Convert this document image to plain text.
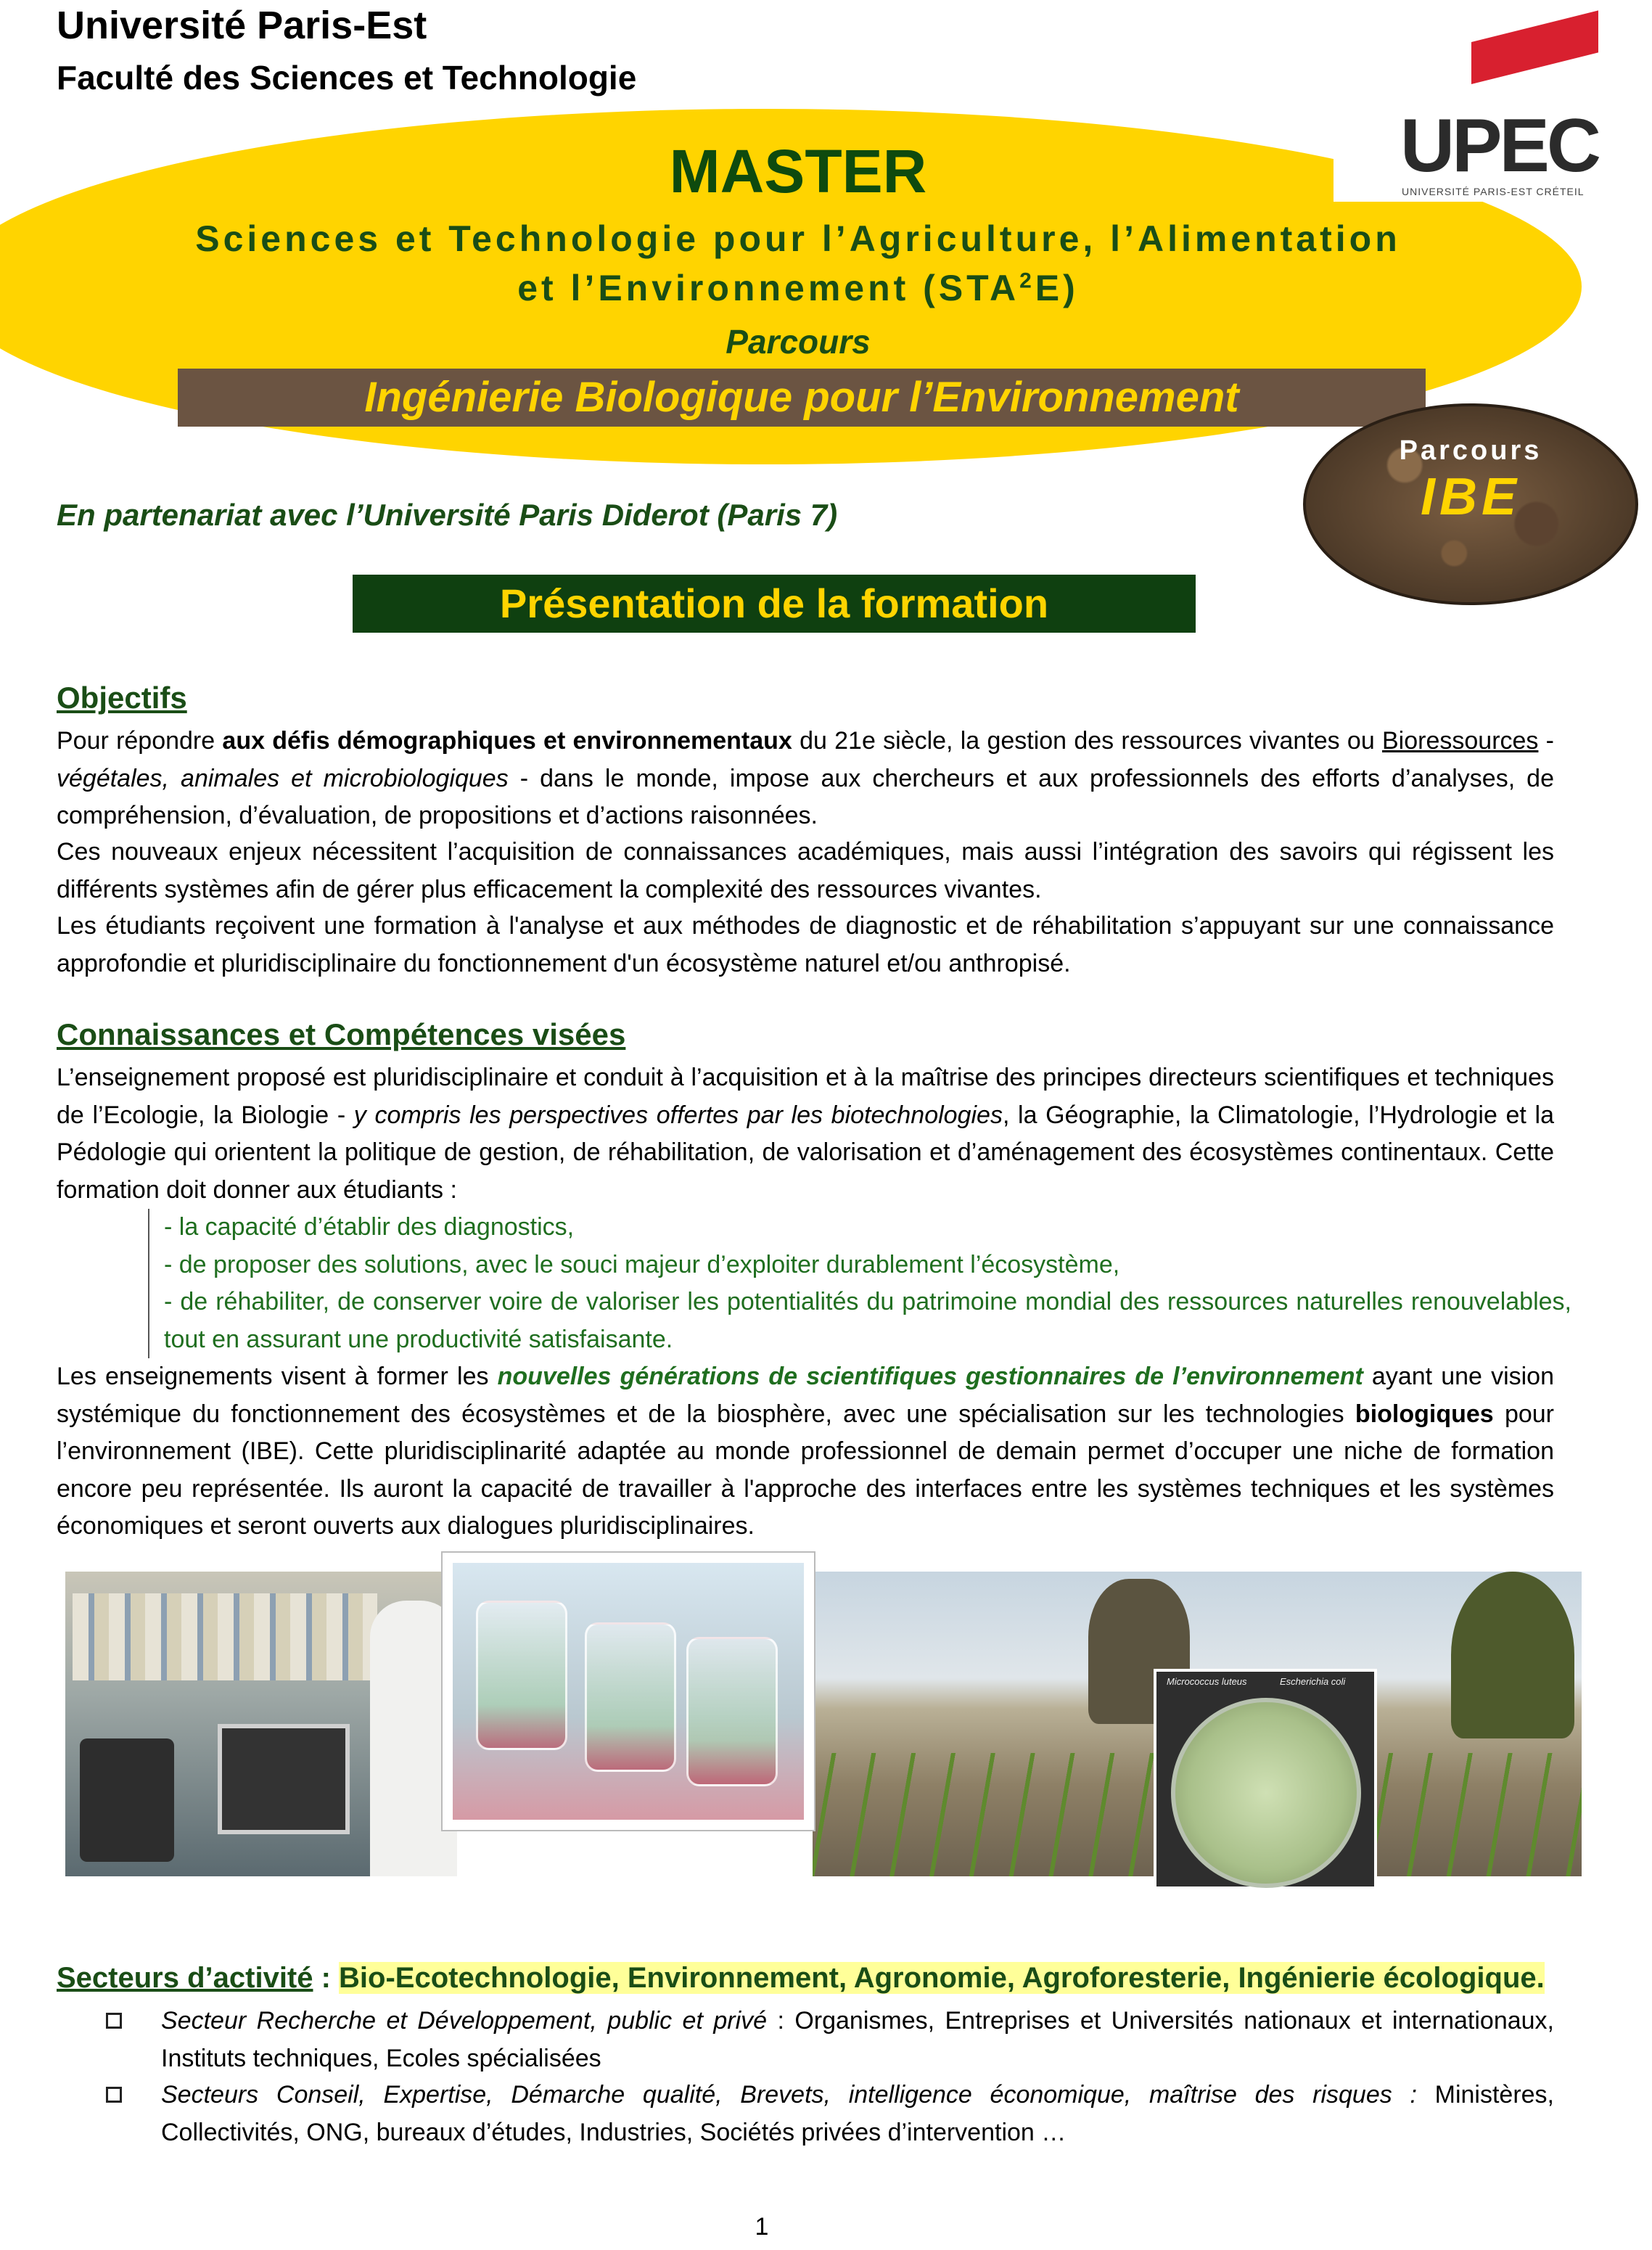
Université Paris-Est
Faculté des Sciences et Technologie
UPEC
UNIVERSITÉ PARIS-EST CRÉTEIL
MASTER
Sciences et Technologie pour l’Agriculture, l’Alimentation
et l’Environnement (STA$^2$E)
Parcours
Ingénierie Biologique pour l’Environnement
Parcours
IBE
En partenariat avec l’Université Paris Diderot (Paris 7)
Présentation de la formation
Objectifs
Pour répondre aux défis démographiques et environnementaux du 21e siècle, la gestion des ressources vivantes ou Bioressources - végétales, animales et microbiologiques - dans le monde, impose aux chercheurs et aux professionnels des efforts d’analyses, de compréhension, d’évaluation, de propositions et d’actions raisonnées.
Ces nouveaux enjeux nécessitent l’acquisition de connaissances académiques, mais aussi l’intégration des savoirs qui régissent les différents systèmes afin de gérer plus efficacement la complexité des ressources vivantes.
Les étudiants reçoivent une formation à l'analyse et aux méthodes de diagnostic et de réhabilitation s’appuyant sur une connaissance approfondie et pluridisciplinaire du fonctionnement d'un écosystème naturel et/ou anthropisé.
Connaissances et Compétences visées
L’enseignement proposé est pluridisciplinaire et conduit à l’acquisition et à la maîtrise des principes directeurs scientifiques et techniques de l’Ecologie, la Biologie - y compris les perspectives offertes par les biotechnologies, la Géographie, la Climatologie, l’Hydrologie et la Pédologie qui orientent la politique de gestion, de réhabilitation, de valorisation et d’aménagement des écosystèmes continentaux. Cette formation doit donner aux étudiants :
- la capacité d’établir des diagnostics,
- de proposer des solutions, avec le souci majeur d’exploiter durablement l’écosystème,
- de réhabiliter, de conserver voire de valoriser les potentialités du patrimoine mondial des ressources naturelles renouvelables, tout en assurant une productivité satisfaisante.
Les enseignements visent à former les nouvelles générations de scientifiques gestionnaires de l’environnement ayant une vision systémique du fonctionnement des écosystèmes et de la biosphère, avec une spécialisation sur les technologies biologiques pour l’environnement (IBE). Cette pluridisciplinarité adaptée au monde professionnel de demain permet d’occuper une niche de formation encore peu représentée. Ils auront la capacité de travailler à l'approche des interfaces entre les systèmes techniques et les systèmes économiques et seront ouverts aux dialogues pluridisciplinaires.
Micrococcus luteus	Escherichia coli
Secteurs d’activité : Bio-Ecotechnologie, Environnement, Agronomie, Agroforesterie, Ingénierie écologique.
Secteur Recherche et Développement, public et privé : Organismes, Entreprises et Universités nationaux et internationaux, Instituts techniques, Ecoles spécialisées
Secteurs Conseil, Expertise, Démarche qualité, Brevets, intelligence économique, maîtrise des risques : Ministères, Collectivités, ONG, bureaux d’études, Industries, Sociétés privées d’intervention …
1
